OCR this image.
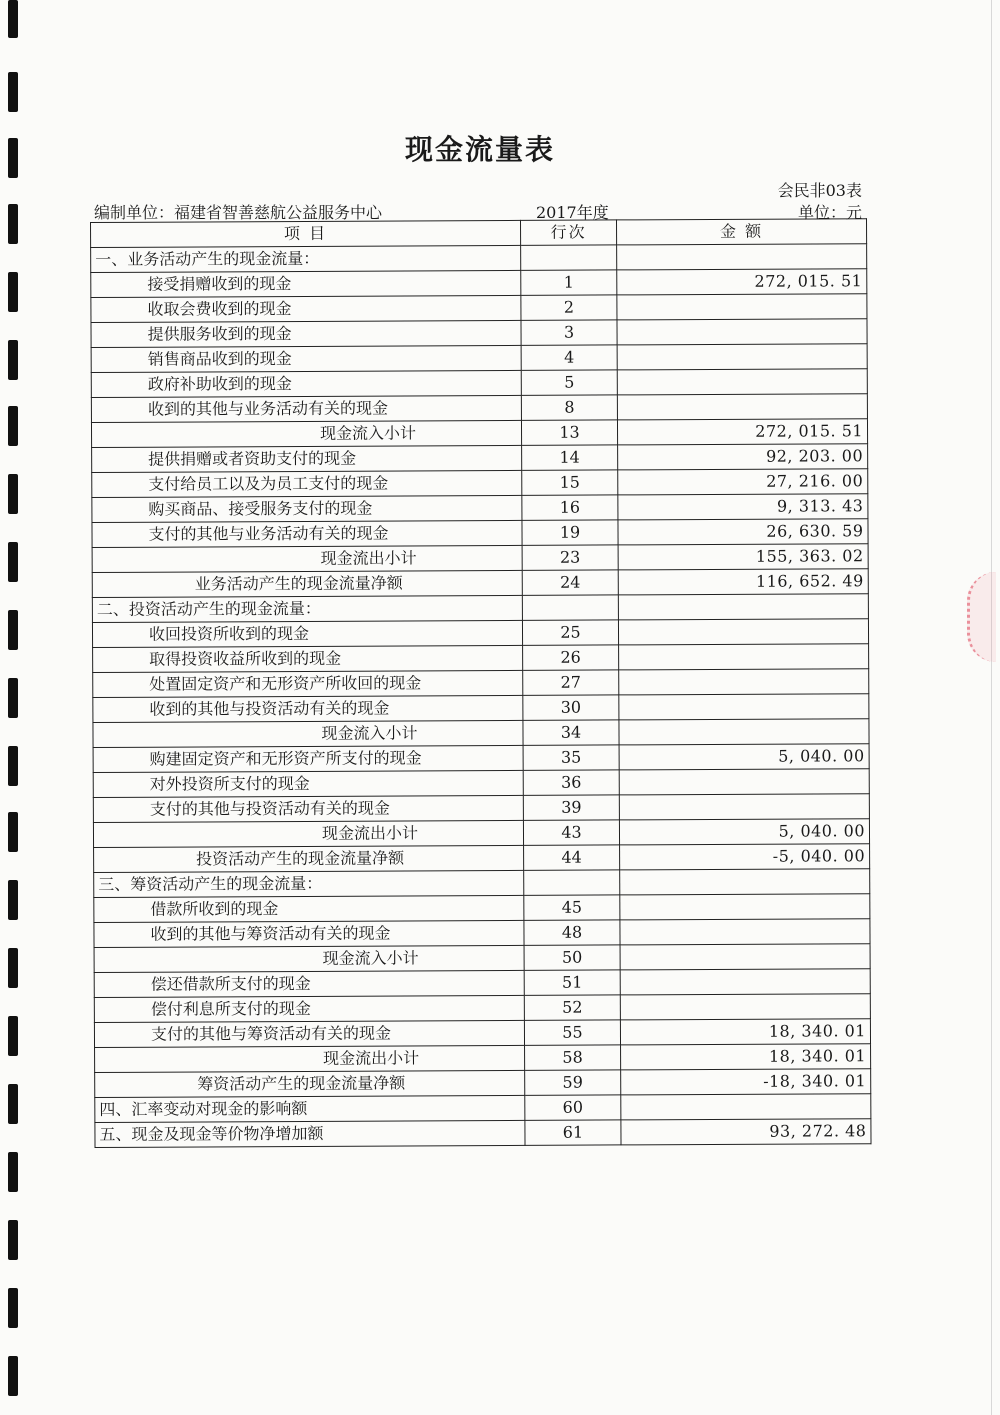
现金流量表
会民非03表
编制单位：福建省智善慈航公益服务中心	2017年度	单位：元
项 目	行次	金 额
一、业务活动产生的现金流量：		
接受捐赠收到的现金	1	272, 015. 51
收取会费收到的现金	2	
提供服务收到的现金	3	
销售商品收到的现金	4	
政府补助收到的现金	5	
收到的其他与业务活动有关的现金	8	
现金流入小计	13	272, 015. 51
提供捐赠或者资助支付的现金	14	92, 203. 00
支付给员工以及为员工支付的现金	15	27, 216. 00
购买商品、接受服务支付的现金	16	9, 313. 43
支付的其他与业务活动有关的现金	19	26, 630. 59
现金流出小计	23	155, 363. 02
业务活动产生的现金流量净额	24	116, 652. 49
二、投资活动产生的现金流量：		
收回投资所收到的现金	25	
取得投资收益所收到的现金	26	
处置固定资产和无形资产所收回的现金	27	
收到的其他与投资活动有关的现金	30	
现金流入小计	34	
购建固定资产和无形资产所支付的现金	35	5, 040. 00
对外投资所支付的现金	36	
支付的其他与投资活动有关的现金	39	
现金流出小计	43	5, 040. 00
投资活动产生的现金流量净额	44	-5, 040. 00
三、筹资活动产生的现金流量：		
借款所收到的现金	45	
收到的其他与筹资活动有关的现金	48	
现金流入小计	50	
偿还借款所支付的现金	51	
偿付利息所支付的现金	52	
支付的其他与筹资活动有关的现金	55	18, 340. 01
现金流出小计	58	18, 340. 01
筹资活动产生的现金流量净额	59	-18, 340. 01
四、汇率变动对现金的影响额	60	
五、现金及现金等价物净增加额	61	93, 272. 48
